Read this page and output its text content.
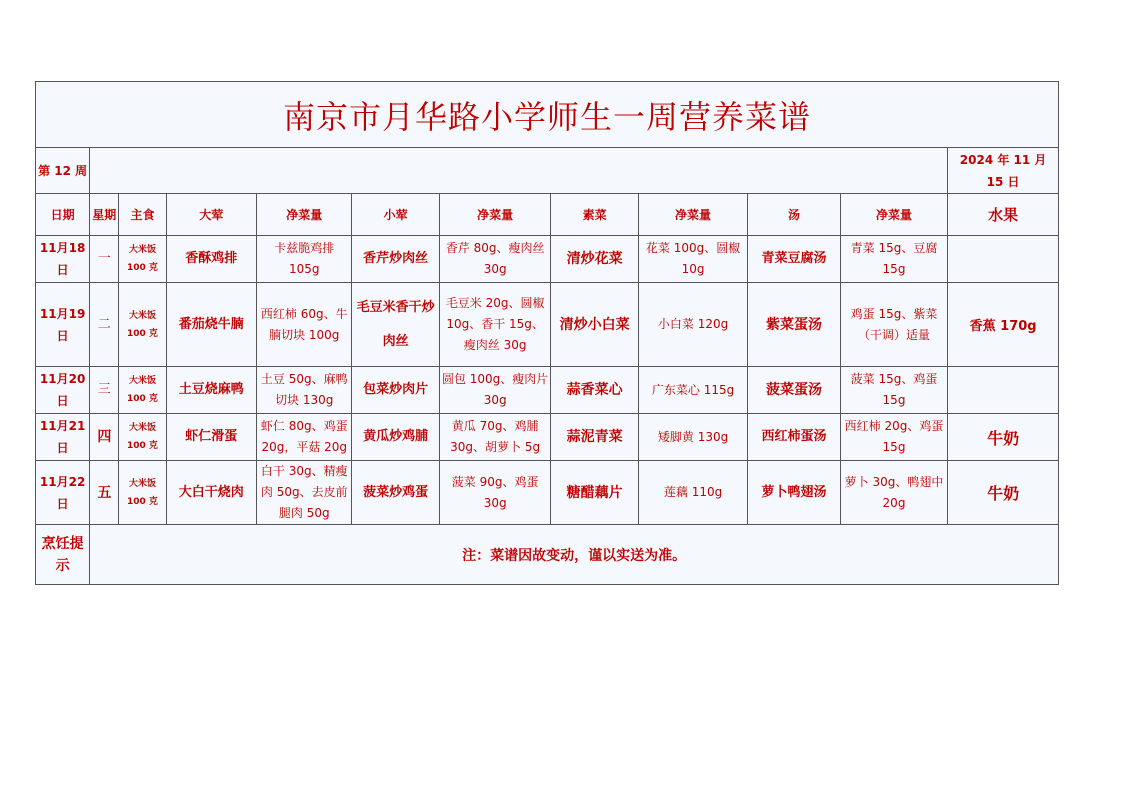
南京市月华路小学师生一周营养菜谱											
第 12 周											2024 年 11 月 15 日
日期	星期	主食	大荤	净菜量	小荤	净菜量	素菜	净菜量	汤	净菜量	水果
11月18日	一	大米饭 100 克	香酥鸡排	卡兹脆鸡排 105g	香芹炒肉丝	香芹 80g、瘦肉丝 30g	清炒花菜	花菜 100g、圆椒 10g	青菜豆腐汤	青菜 15g、豆腐 15g	
11月19日	二	大米饭 100 克	番茄烧牛腩	西红柿 60g、牛腩切块 100g	毛豆米香干炒肉丝	毛豆米 20g、圆椒 10g、香干 15g、瘦肉丝 30g	清炒小白菜	小白菜 120g	紫菜蛋汤	鸡蛋 15g、紫菜（干调）适量	香蕉 170g
11月20日	三	大米饭 100 克	土豆烧麻鸭	土豆 50g、麻鸭切块 130g	包菜炒肉片	圆包 100g、瘦肉片 30g	蒜香菜心	广东菜心 115g	菠菜蛋汤	菠菜 15g、鸡蛋 15g	
11月21日	四	大米饭 100 克	虾仁滑蛋	虾仁 80g、鸡蛋 20g，平菇 20g	黄瓜炒鸡脯	黄瓜 70g、鸡脯 30g、胡萝卜 5g	蒜泥青菜	矮脚黄 130g	西红柿蛋汤	西红柿 20g、鸡蛋 15g	牛奶
11月22日	五	大米饭 100 克	大白干烧肉	白干 30g、精瘦肉 50g、去皮前腿肉 50g	菠菜炒鸡蛋	菠菜 90g、鸡蛋 30g	糖醋藕片	莲藕 110g	萝卜鸭翅汤	萝卜 30g、鸭翅中 20g	牛奶
烹饪提示	注：菜谱因故变动，谨以实送为准。										
